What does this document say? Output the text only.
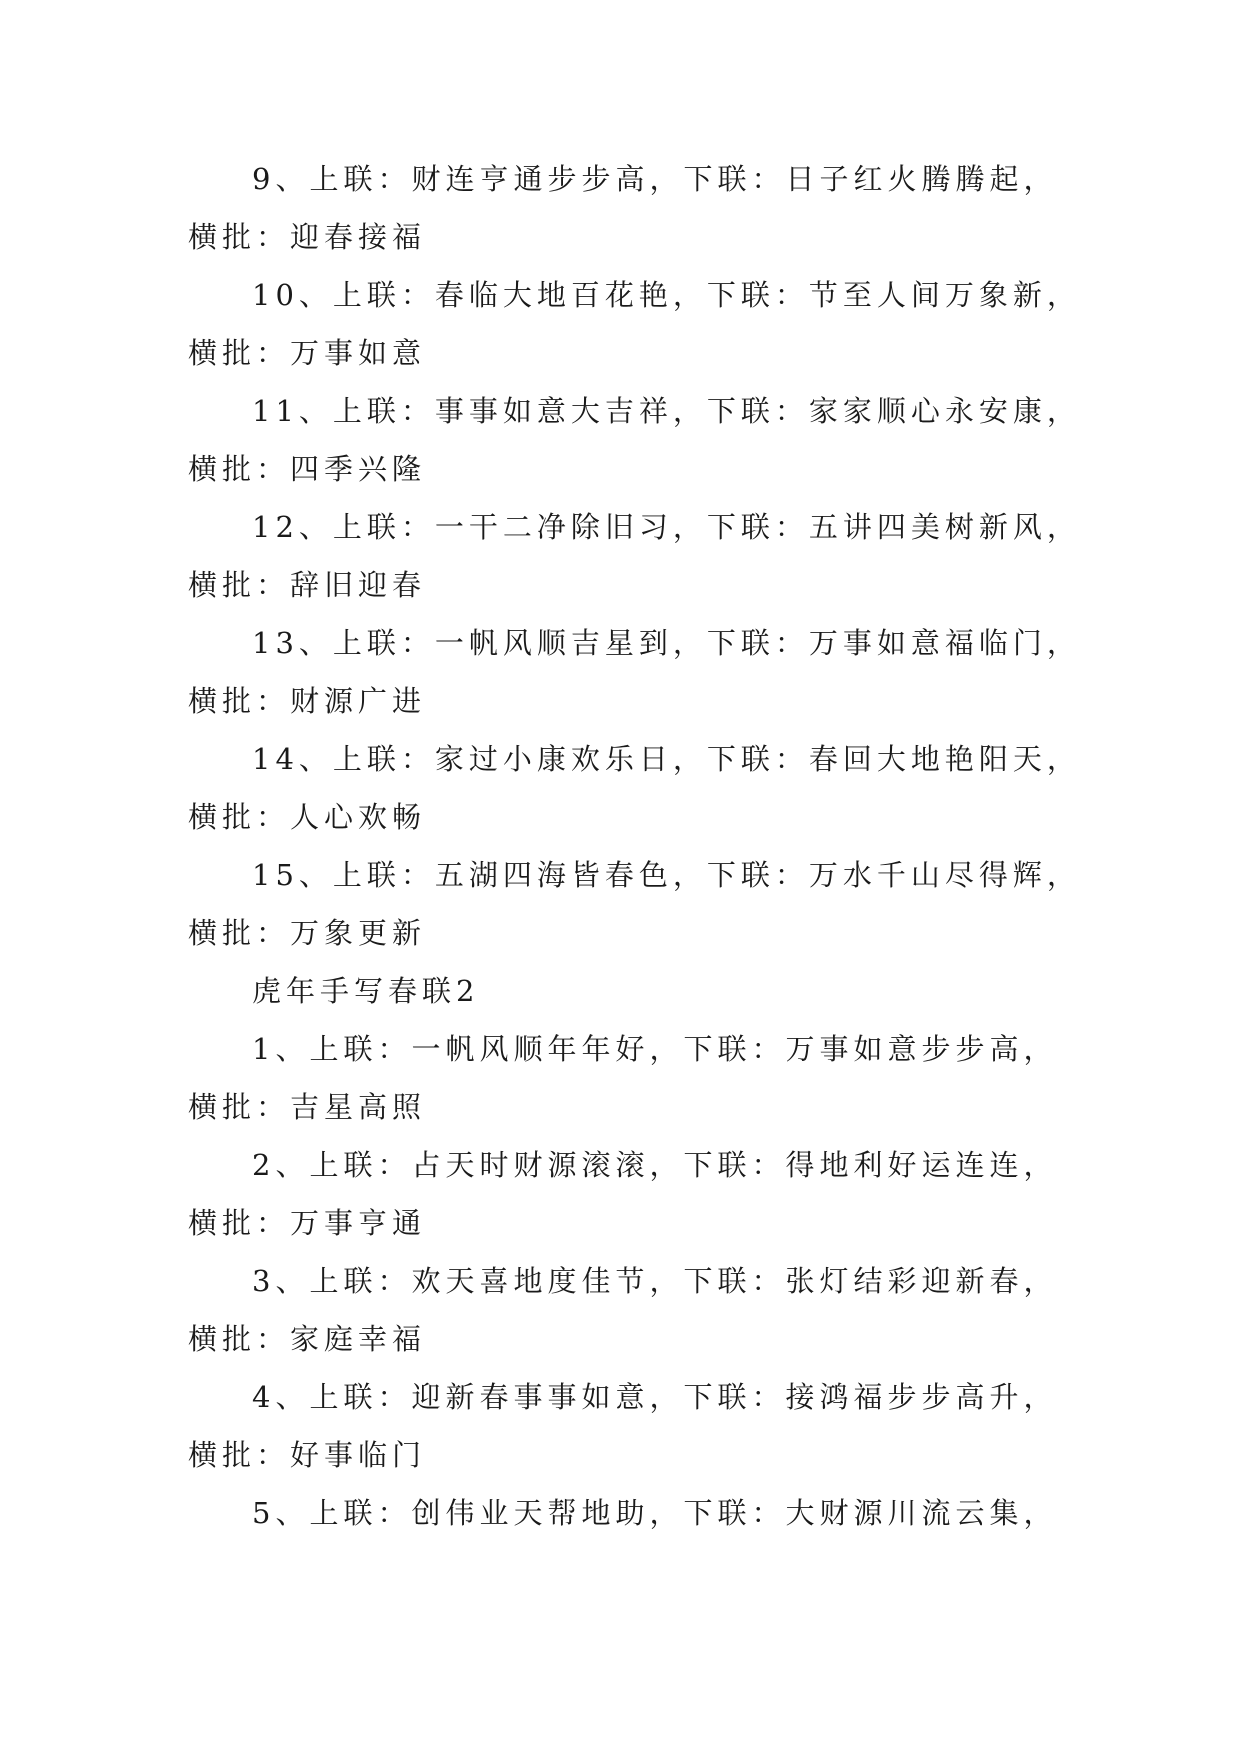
9、上联：财连亨通步步高，下联：日子红火腾腾起，
横批：迎春接福
10、上联：春临大地百花艳，下联：节至人间万象新，
横批：万事如意
11、上联：事事如意大吉祥，下联：家家顺心永安康，
横批：四季兴隆
12、上联：一干二净除旧习，下联：五讲四美树新风，
横批：辞旧迎春
13、上联：一帆风顺吉星到，下联：万事如意福临门，
横批：财源广进
14、上联：家过小康欢乐日，下联：春回大地艳阳天，
横批：人心欢畅
15、上联：五湖四海皆春色，下联：万水千山尽得辉，
横批：万象更新
虎年手写春联2
1、上联：一帆风顺年年好，下联：万事如意步步高，
横批：吉星高照
2、上联：占天时财源滚滚，下联：得地利好运连连，
横批：万事亨通
3、上联：欢天喜地度佳节，下联：张灯结彩迎新春，
横批：家庭幸福
4、上联：迎新春事事如意，下联：接鸿福步步高升，
横批：好事临门
5、上联：创伟业天帮地助，下联：大财源川流云集，
